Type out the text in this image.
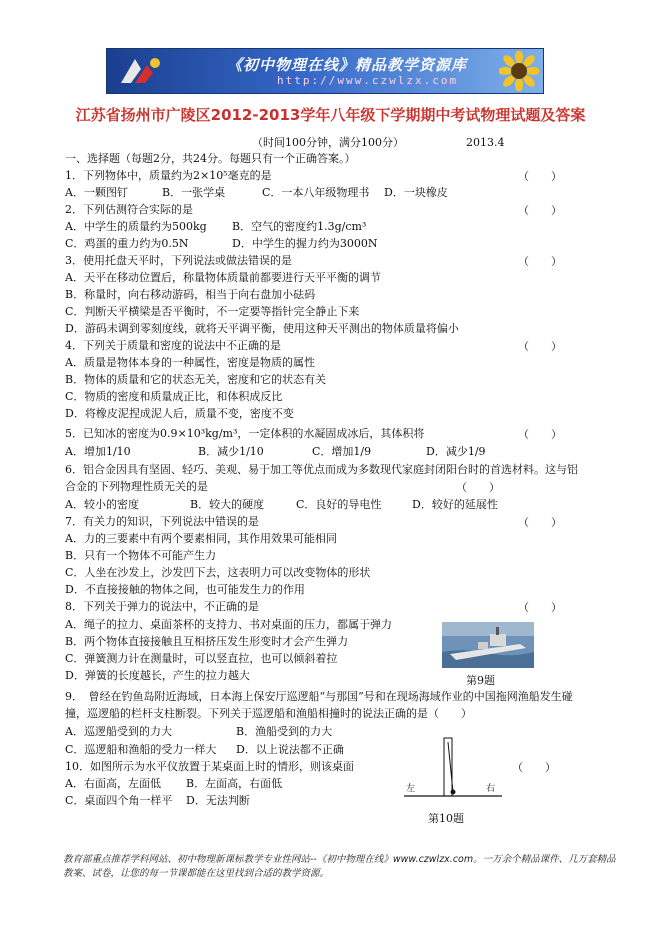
《初中物理在线》精品教学资源库
http://www.czwlzx.com
江苏省扬州市广陵区2012-2013学年八年级下学期期中考试物理试题及答案
（时间100分钟，满分100分）	2013.4
一、选择题（每题2分，共24分。每题只有一个正确答案。）
1．下列物体中，质量约为2×10⁵毫克的是	（　　）
A．一颗图钉	B．一张学桌	C．一本八年级物理书 D．一块橡皮
2．下列估测符合实际的是	（　　）
A．中学生的质量约为500kg B．空气的密度约1.3g/cm³
C．鸡蛋的重力约为0.5N	D．中学生的握力约为3000N
3．使用托盘天平时，下列说法或做法错误的是	（　　）
A．天平在移动位置后，称量物体质量前都要进行天平平衡的调节
B．称量时，向右移动游码，相当于向右盘加小砝码
C．判断天平横梁是否平衡时，不一定要等指针完全静止下来
D．游码未调到零刻度线，就将天平调平衡，使用这种天平测出的物体质量将偏小
4．下列关于质量和密度的说法中不正确的是	（　　）
A．质量是物体本身的一种属性，密度是物质的属性
B．物体的质量和它的状态无关，密度和它的状态有关
C．物质的密度和质量成正比，和体积成反比
D．将橡皮泥捏成泥人后，质量不变，密度不变
5．已知冰的密度为0.9×10³kg/m³，一定体积的水凝固成冰后，其体积将	（　　）
A．增加1/10	B．减少1/10	C．增加1/9	D．减少1/9
6．铝合金因具有坚固、轻巧、美观、易于加工等优点而成为多数现代家庭封闭阳台时的首选材料。这与铝
合金的下列物理性质无关的是	（　　）
A．较小的密度	B．较大的硬度	C．良好的导电性	D．较好的延展性
7．有关力的知识，下列说法中错误的是	（　　）
A．力的三要素中有两个要素相同，其作用效果可能相同
B．只有一个物体不可能产生力
C．人坐在沙发上，沙发凹下去，这表明力可以改变物体的形状
D．不直接接触的物体之间，也可能发生力的作用
8．下列关于弹力的说法中，不正确的是	（　　）
A．绳子的拉力、桌面茶杯的支持力、书对桌面的压力，都属于弹力
B．两个物体直接接触且互相挤压发生形变时才会产生弹力
C．弹簧测力计在测量时，可以竖直拉，也可以倾斜着拉
D．弹簧的长度越长，产生的拉力越大	第9题
9．　曾经在钓鱼岛附近海域，日本海上保安厅巡逻船“与那国”号和在现场海域作业的中国拖网渔船发生碰
撞，巡逻船的栏杆支柱断裂。下列关于巡逻船和渔船相撞时的说法正确的是（　　）
A．巡逻船受到的力大	B．渔船受到的力大
C．巡逻船和渔船的受力一样大 D．以上说法都不正确
10．如图所示为水平仪放置于某桌面上时的情形，则该桌面	（　　）
A．右面高，左面低 B．左面高，右面低
C．桌面四个角一样平 D．无法判断
左	右
第10题
教育部重点推荐学科网站、初中物理新课标教学专业性网站--《初中物理在线》www.czwlzx.com。一万余个精品课件、几万套精品教案、试卷，让您的每一节课都能在这里找到合适的教学资源。
